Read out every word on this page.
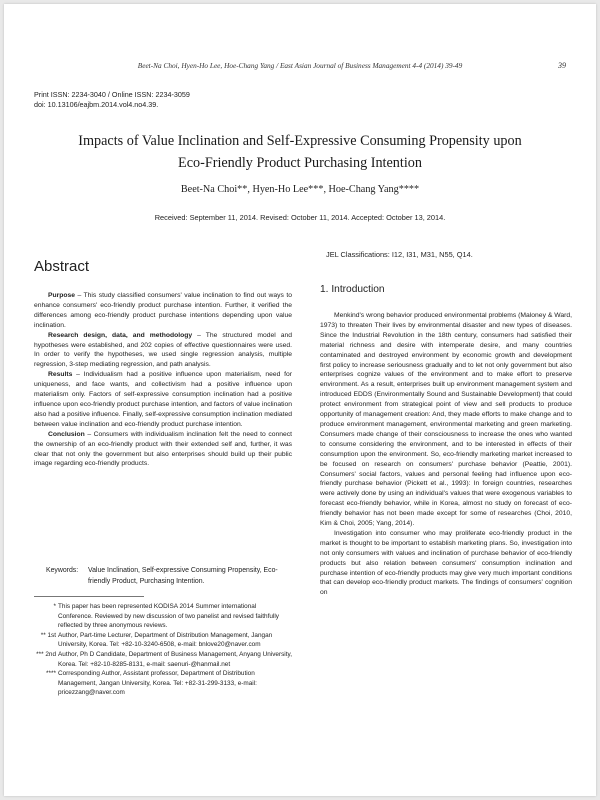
Beet-Na Choi, Hyen-Ho Lee, Hoe-Chang Yang / East Asian Journal of Business Management 4-4 (2014) 39-49	39
Print ISSN: 2234-3040 / Online ISSN: 2234-3059
doi: 10.13106/eajbm.2014.vol4.no4.39.
Impacts of Value Inclination and Self-Expressive Consuming Propensity upon
Eco-Friendly Product Purchasing Intention
Beet-Na Choi**, Hyen-Ho Lee***, Hoe-Chang Yang****
Received: September 11, 2014. Revised: October 11, 2014. Accepted: October 13, 2014.
JEL Classifications: I12, I31, M31, N55, Q14.
Abstract
1. Introduction

Purpose – This study classified consumers' value inclination to find out ways to enhance consumers' eco-friendly product purchase intention. Further, it verified the differences among eco-friendly product purchase intentions depending upon value inclination.

Research design, data, and methodology – The structured model and hypotheses were established, and 202 copies of effective questionnaires were used. In order to verify the hypotheses, we used single regression analysis, multiple regression, 3-step mediating regression, and path analysis.

Results – Individualism had a positive influence upon materialism, need for uniqueness, and face wants, and collectivism had a positive influence upon materialism only. Factors of self-expressive consumption inclination had a positive influence upon eco-friendly product purchase intention, and factors of value inclination also had a positive influence. Finally, self-expressive consumption inclination mediated between value inclination and eco-friendly product purchase intention.

Conclusion – Consumers with individualism inclination felt the need to connect the ownership of an eco-friendly product with their extended self and, further, it was clear that not only the government but also enterprises should build up their public image regarding eco-friendly products.

Keywords:	Value Inclination, Self-expressive Consuming Propensity, Eco-friendly Product, Purchasing Intention.
* This paper has been represented KODISA 2014 Summer international Conference. Reviewed by new discussion of two panelist and revised faithfully reflected by three anonymous reviews.
** 1st Author, Part-time Lecturer, Department of Distribution Management, Jangan University, Korea. Tel: +82-10-3240-6508, e-mail: bnlove20@naver.com
*** 2nd Author, Ph D Candidate, Department of Business Management, Anyang University, Korea. Tel: +82-10-8285-8131, e-mail: saenuri-@hanmail.net
**** Corresponding Author, Assistant professor, Department of Distribution Management, Jangan University, Korea. Tel: +82-31-299-3133, e-mail: pricezzang@naver.com

Menkind's wrong behavior produced environmental problems (Maloney & Ward, 1973) to threaten Their lives by environmental disaster and new types of diseases. Since the Industrial Revolution in the 18th century, consumers had satisfied their material richness and desire with intemperate desire, and many countries contaminated and destroyed environment by economic growth and development first policy to increase seriousness gradually and to let not only government but also enterprises cognize values of the environment and to make effort to preserve environment. As a result, enterprises built up environment management system and introduced EDDS (Environmentally Sound and Sustainable Development) that could protect environment from strategical point of view and sell products to produce opportunity of management creation: And, they made efforts to make change and to produce environment management, environmental marketing and green marketing. Consumers made change of their consciousness to increase the ones who wanted to consume considering the environment, and to be interested in effects of their consumption upon the environment. So, eco-friendly marketing market increased to be focused on research on consumers' purchase behavior (Peattie, 2001). Consumers' social factors, values and personal feeling had influence upon eco-friendly purchase behavior (Pickett et al., 1993): In foreign countries, researches were actively done by using an individual's values that were exogenous variables to forecast eco-friendly behavior, while in Korea, almost no study on forecast of eco-friendly behavior has not been made except for some of researches (Choi, 2010, Kim & Choi, 2005; Yang, 2014).

Investigation into consumer who may proliferate eco-friendly product in the market is thought to be important to establish marketing plans. So, investigation into not only consumers with values and inclination of purchase behavior of eco-friendly products but also relation between consumers' consumption inclination and purchase intention of eco-friendly products may give very much important conditions that can develop eco-friendly product markets. The findings of consumers' cognition on
